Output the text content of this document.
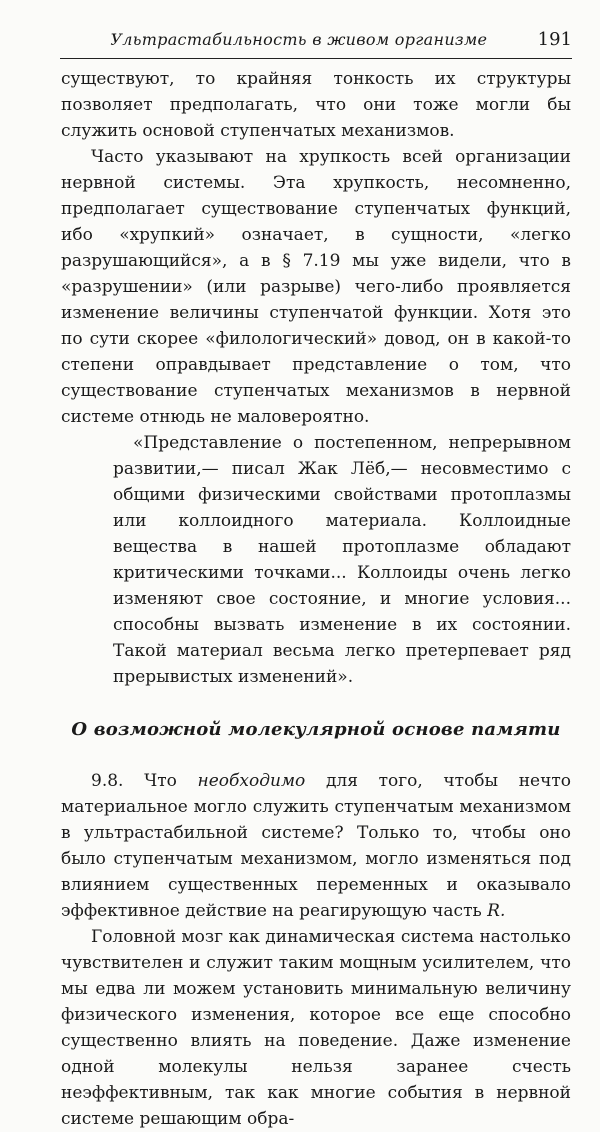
Ультрастабильность в живом организме	191

существуют, то крайняя тонкость их структуры позволяет предполагать, что они тоже могли бы служить основой ступенчатых механизмов.

Часто указывают на хрупкость всей организации нервной системы. Эта хрупкость, несомненно, предполагает существование ступенчатых функций, ибо «хрупкий» означает, в сущности, «легко разрушающийся», а в § 7.19 мы уже видели, что в «разрушении» (или разрыве) чего-либо проявляется изменение величины ступенчатой функции. Хотя это по сути скорее «филологический» довод, он в какой-то степени оправдывает представление о том, что существование ступенчатых механизмов в нервной системе отнюдь не маловероятно.

«Представление о постепенном, непрерывном развитии,— писал Жак Лёб,— несовместимо с общими физическими свойствами протоплазмы или коллоидного материала. Коллоидные вещества в нашей протоплазме обладают критическими точками... Коллоиды очень легко изменяют свое состояние, и многие условия... способны вызвать изменение в их состоянии. Такой материал весьма легко претерпевает ряд прерывистых изменений».

О возможной молекулярной основе памяти

9.8. Что необходимо для того, чтобы нечто материальное могло служить ступенчатым механизмом в ультрастабильной системе? Только то, чтобы оно было ступенчатым механизмом, могло изменяться под влиянием существенных переменных и оказывало эффективное действие на реагирующую часть R.

Головной мозг как динамическая система настолько чувствителен и служит таким мощным усилителем, что мы едва ли можем установить минимальную величину физического изменения, которое все еще способно существенно влиять на поведение. Даже изменение одной молекулы нельзя заранее счесть неэффективным, так как многие события в нервной системе решающим обра-
